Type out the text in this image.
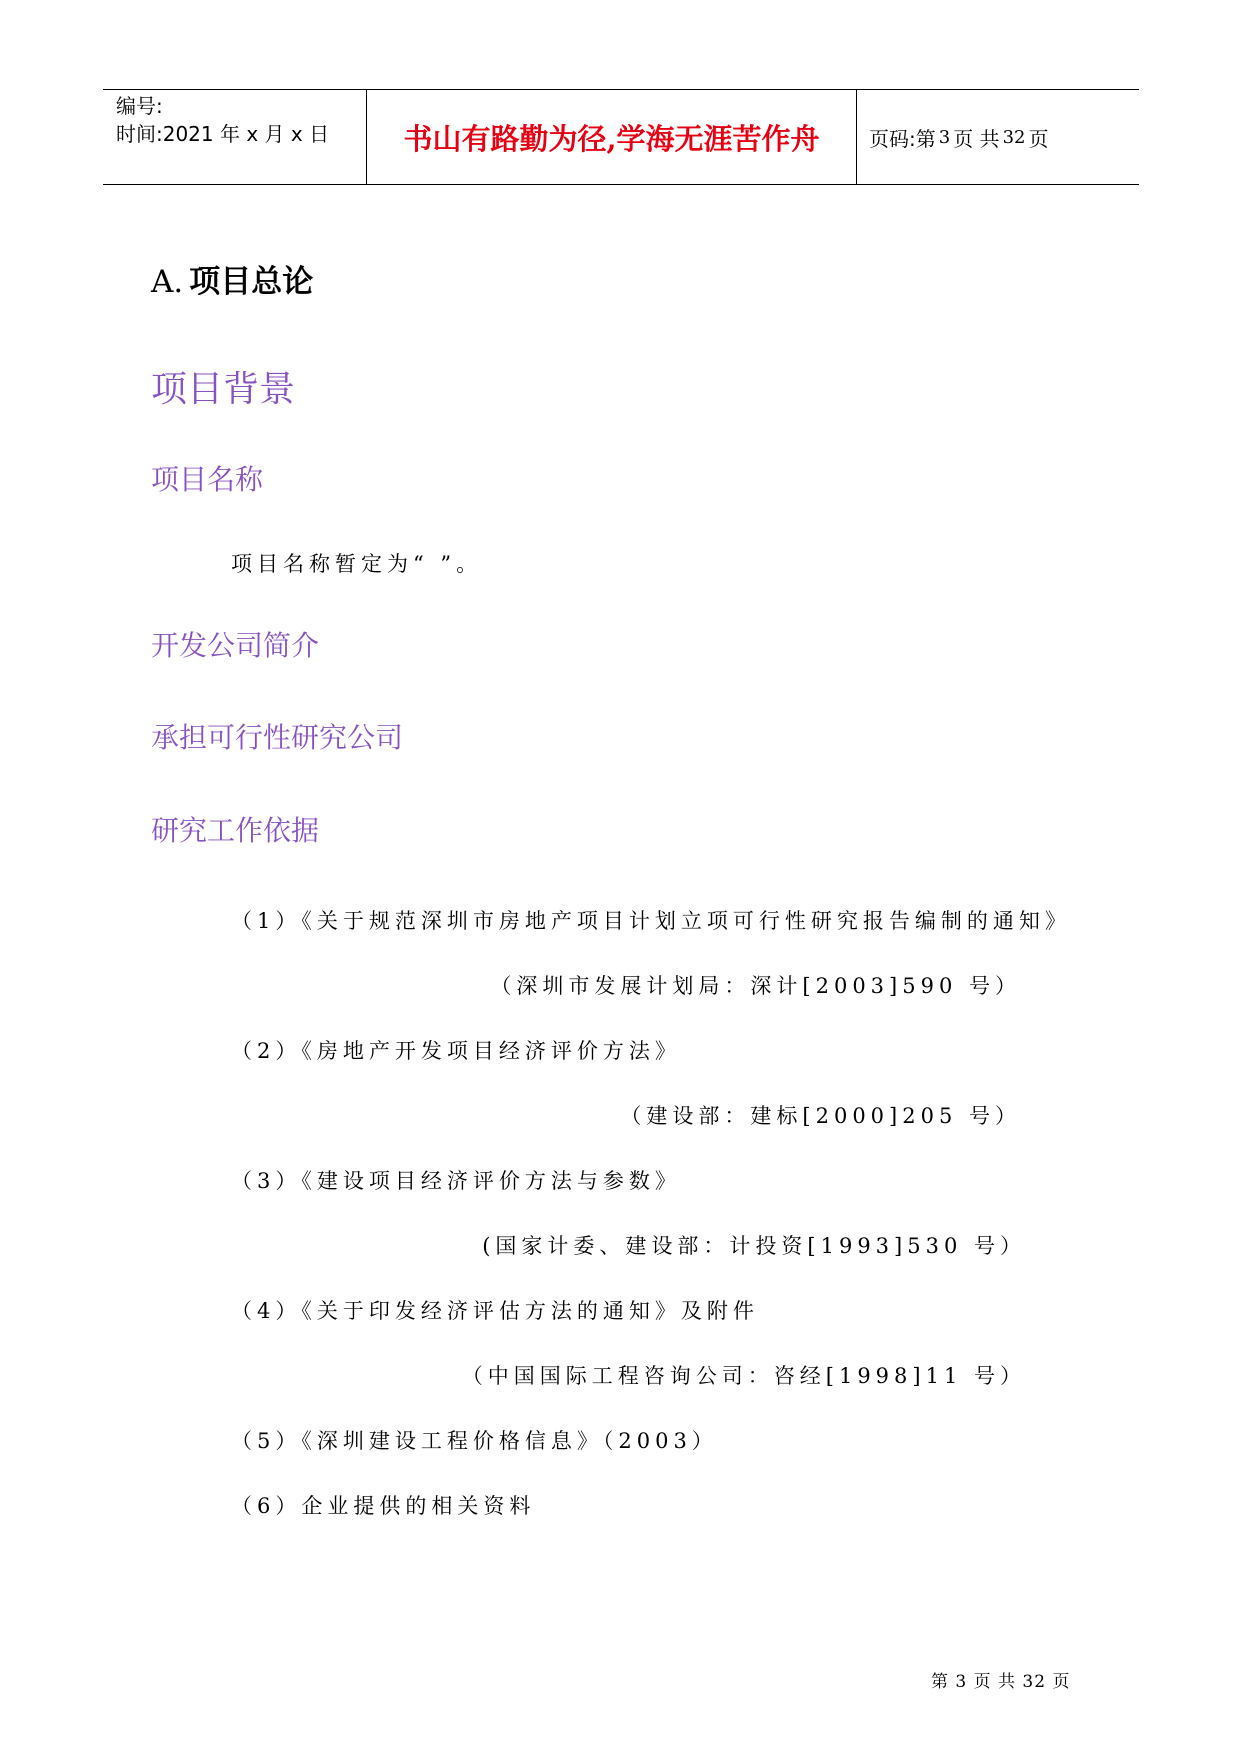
编号:
时间:2021 年 x 月 x 日	书山有路勤为径,学海无涯苦作舟	页码:第 3 页 共 32 页
A. 项目总论
项目背景
项目名称
项目名称暂定为“ ”。
开发公司简介
承担可行性研究公司
研究工作依据
（1）《关于规范深圳市房地产项目计划立项可行性研究报告编制的通知》
（深圳市发展计划局：深计[2003]590 号）
（2）《房地产开发项目经济评价方法》
（建设部：建标[2000]205 号）
（3）《建设项目经济评价方法与参数》
(国家计委、建设部：计投资[1993]530 号）
（4）《关于印发经济评估方法的通知》及附件
（中国国际工程咨询公司：咨经[1998]11 号）
（5）《深圳建设工程价格信息》（2003）
（6）企业提供的相关资料
第 3 页 共 32 页
